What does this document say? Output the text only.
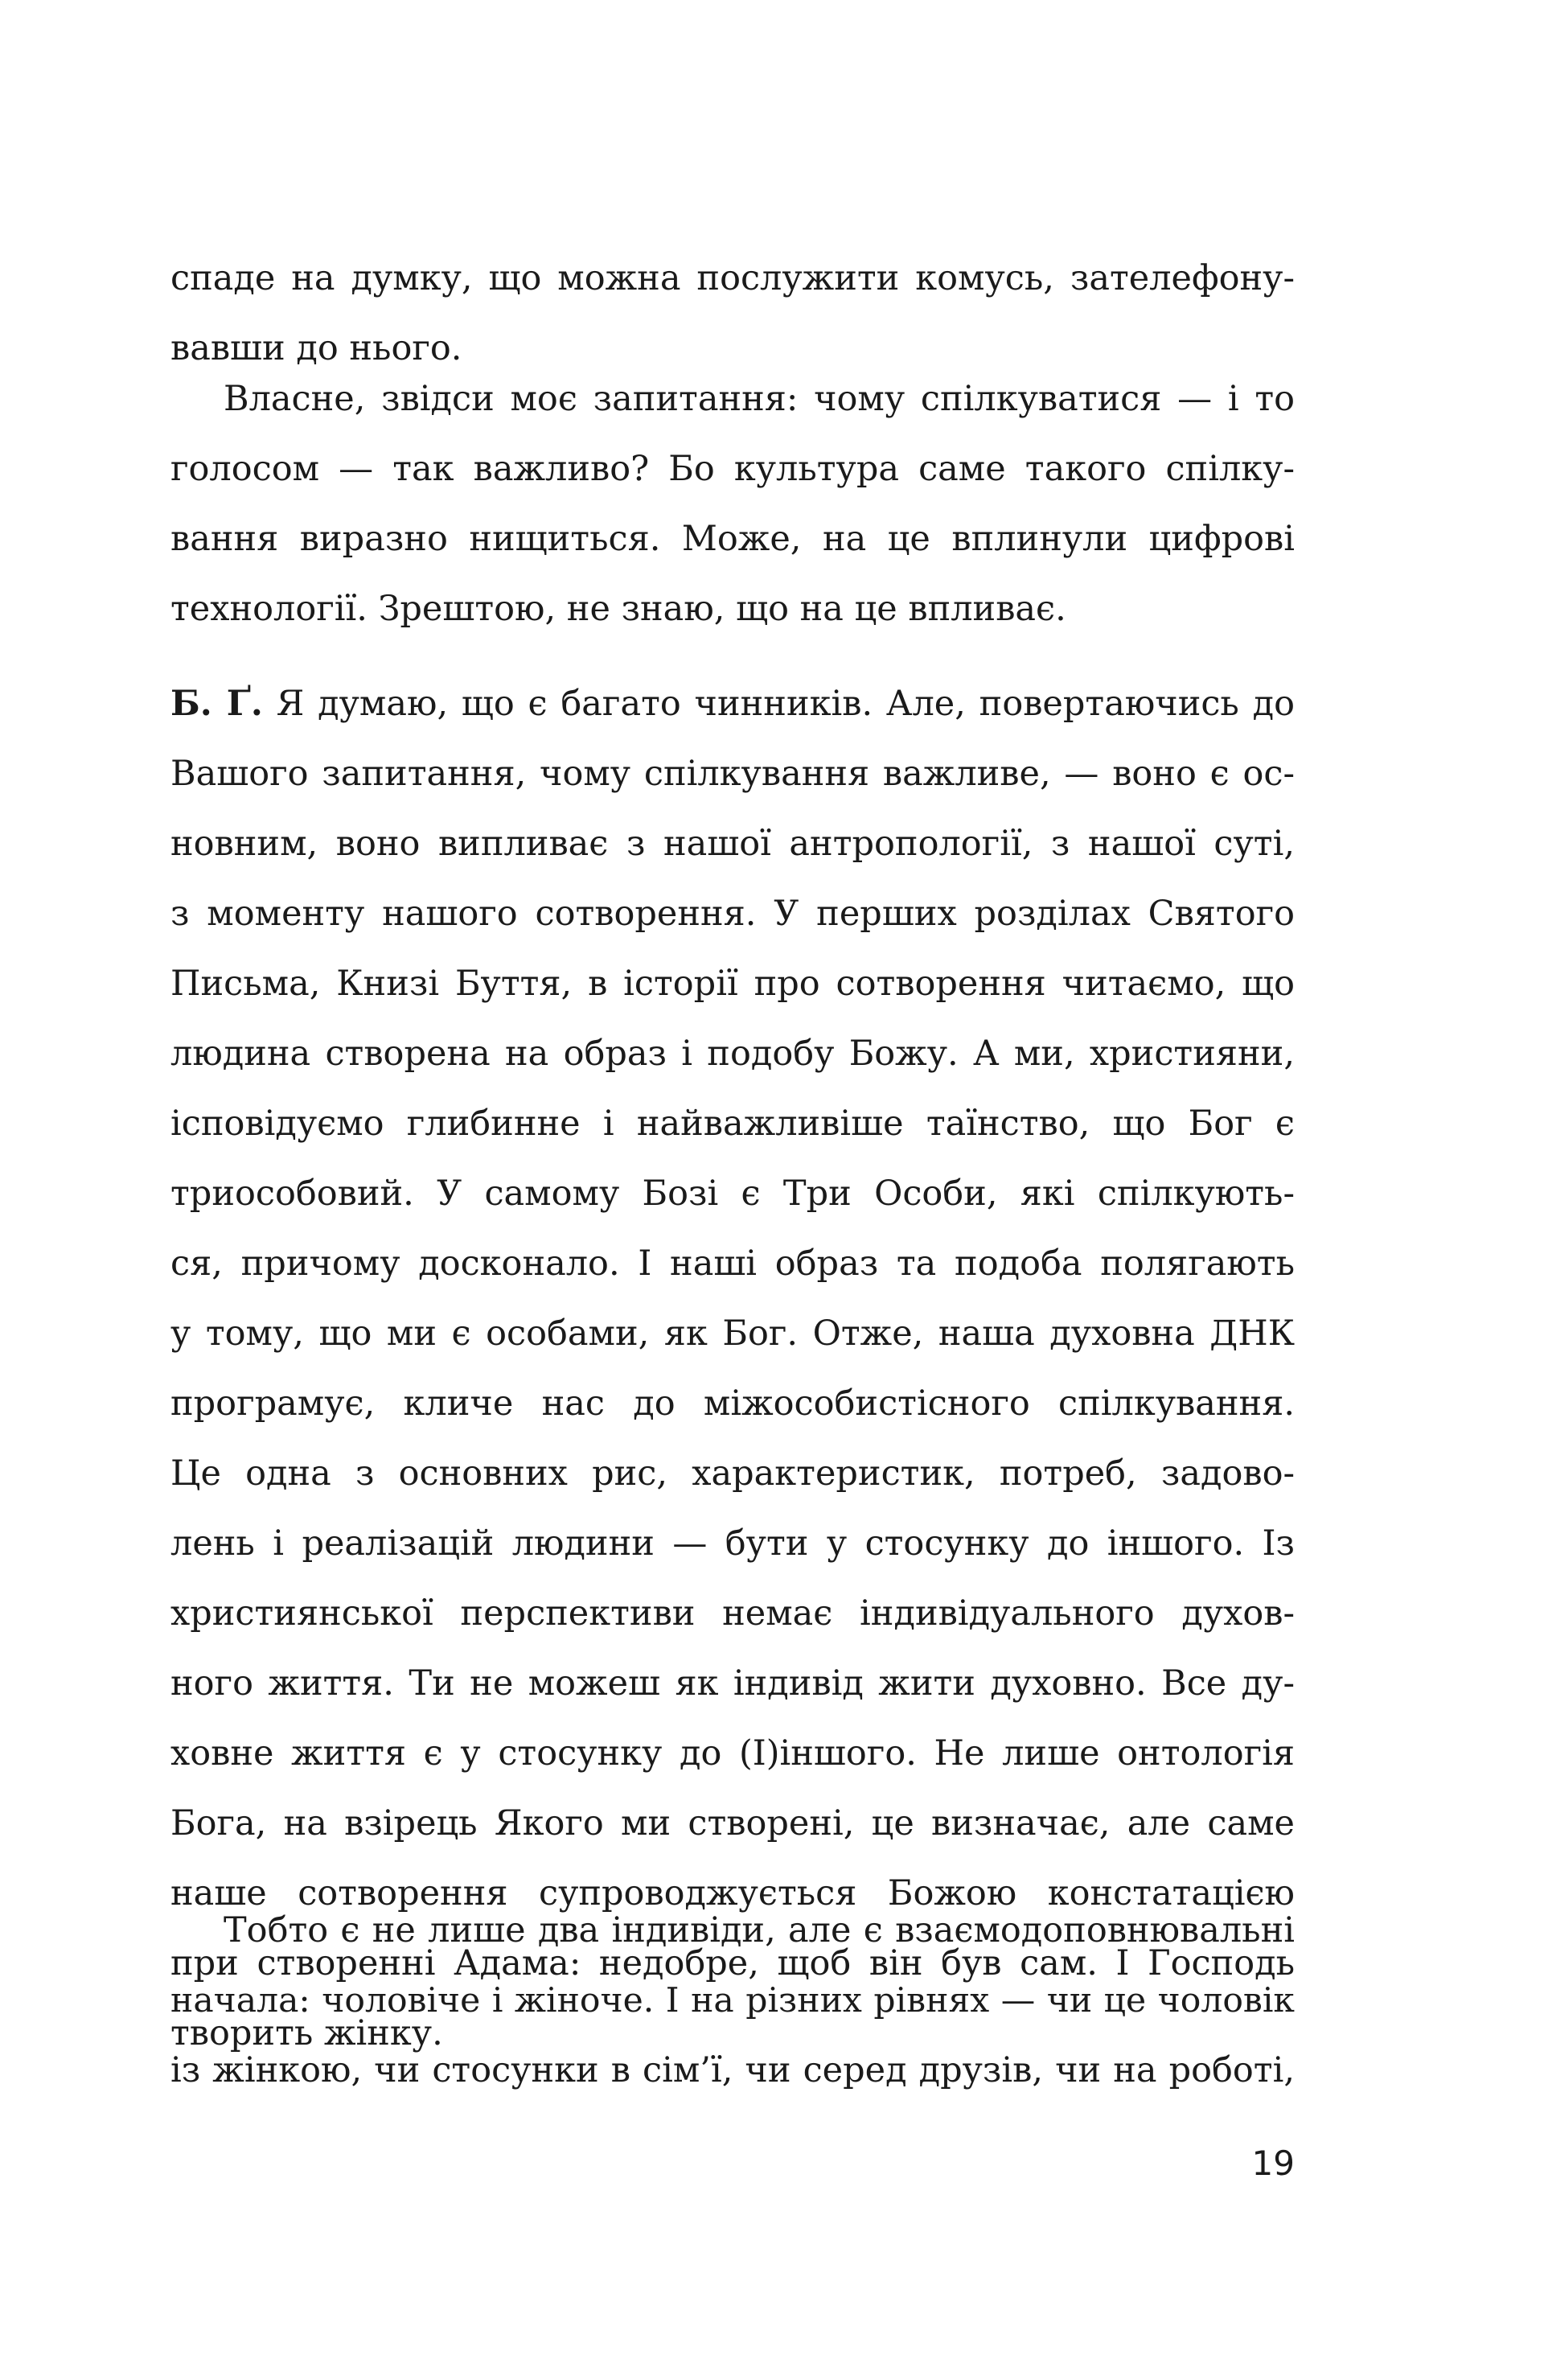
спаде на думку, що можна послужити комусь, зателефону-
вавши до нього.
Власне, звідси моє запитання: чому спілкуватися — і то
голосом — так важливо? Бо культура саме такого спілку-
вання виразно нищиться. Може, на це вплинули цифрові
технології. Зрештою, не знаю, що на це впливає.
Б. Ґ. Я думаю, що є багато чинників. Але, повертаючись до
Вашого запитання, чому спілкування важливе, — воно є ос-
новним, воно випливає з нашої антропології, з нашої суті,
з моменту нашого сотворення. У перших розділах Святого
Письма, Книзі Буття, в історії про сотворення читаємо, що
людина створена на образ і подобу Божу. А ми, християни,
ісповідуємо глибинне і найважливіше таїнство, що Бог є
триособовий. У самому Бозі є Три Особи, які спілкують-
ся, причому досконало. І наші образ та подоба полягають
у тому, що ми є особами, як Бог. Отже, наша духовна ДНК
програмує, кличе нас до міжособистісного спілкування.
Це одна з основних рис, характеристик, потреб, задово-
лень і реалізацій людини — бути у стосунку до іншого. Із
християнської перспективи немає індивідуального духов-
ного життя. Ти не можеш як індивід жити духовно. Все ду-
ховне життя є у стосунку до (І)іншого. Не лише онтологія
Бога, на взірець Якого ми створені, це визначає, але саме
наше сотворення супроводжується Божою констатацією
при створенні Адама: недобре, щоб він був сам. І Господь
творить жінку.
Тобто є не лише два індивіди, але є взаємодоповнювальні
начала: чоловіче і жіноче. І на різних рівнях — чи це чоловік
із жінкою, чи стосунки в сім’ї, чи серед друзів, чи на роботі,
19
